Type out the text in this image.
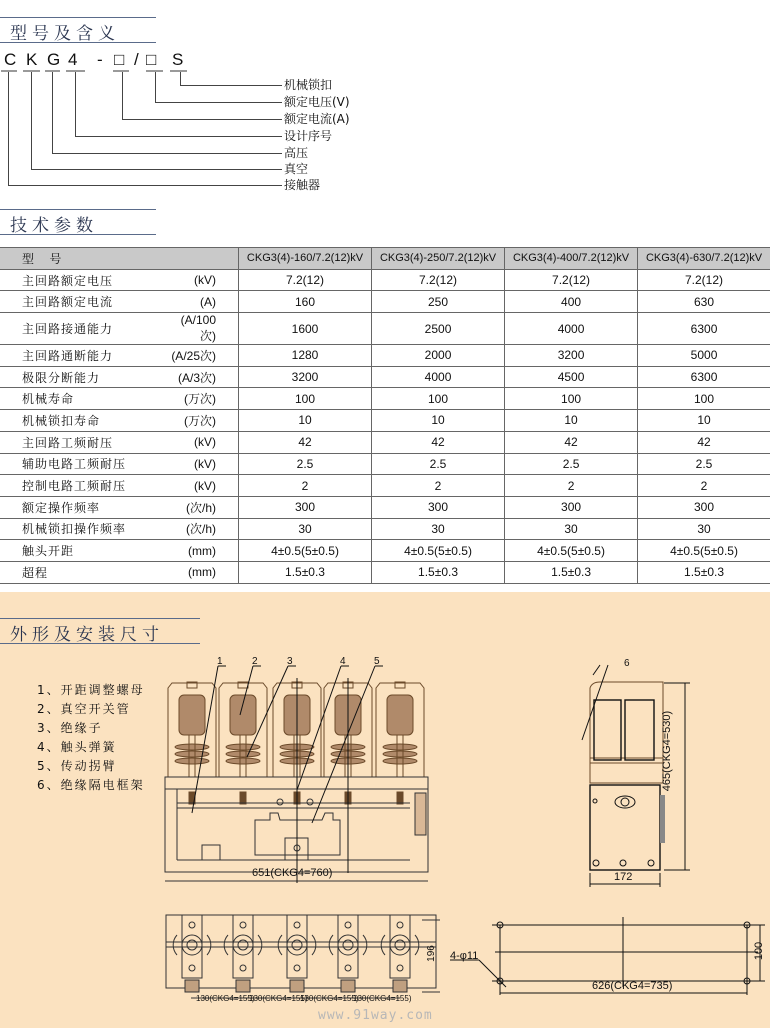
型号及含义
C K G 4 - □ / □ S
机械锁扣
额定电压(V)
额定电流(A)
设计序号
高压
真空
接触器
技术参数
型 号		CKG3(4)-160/7.2(12)kV	CKG3(4)-250/7.2(12)kV	CKG3(4)-400/7.2(12)kV	CKG3(4)-630/7.2(12)kV
主回路额定电压	(kV)	7.2(12)	7.2(12)	7.2(12)	7.2(12)
主回路额定电流	(A)	160	250	400	630
主回路接通能力	(A/100次)	1600	2500	4000	6300
主回路通断能力	(A/25次)	1280	2000	3200	5000
极限分断能力	(A/3次)	3200	4000	4500	6300
机械寿命	(万次)	100	100	100	100
机械锁扣寿命	(万次)	10	10	10	10
主回路工频耐压	(kV)	42	42	42	42
辅助电路工频耐压	(kV)	2.5	2.5	2.5	2.5
控制电路工频耐压	(kV)	2	2	2	2
额定操作频率	(次/h)	300	300	300	300
机械锁扣操作频率	(次/h)	30	30	30	30
触头开距	(mm)	4±0.5(5±0.5)	4±0.5(5±0.5)	4±0.5(5±0.5)	4±0.5(5±0.5)
超程	(mm)	1.5±0.3	1.5±0.3	1.5±0.3	1.5±0.3
外形及安装尺寸
1、开距调整螺母
2、真空开关管
3、绝缘子
4、触头弹簧
5、传动拐臂
6、绝缘隔电框架
1	2	3	4	5
651(CKG4=760)
6
172
465(CKG4=530)
196
130(CKG4=155)
130(CKG4=155)
130(CKG4=155)
130(CKG4=155)
4-φ11
626(CKG4=735)
100
www.91way.com
